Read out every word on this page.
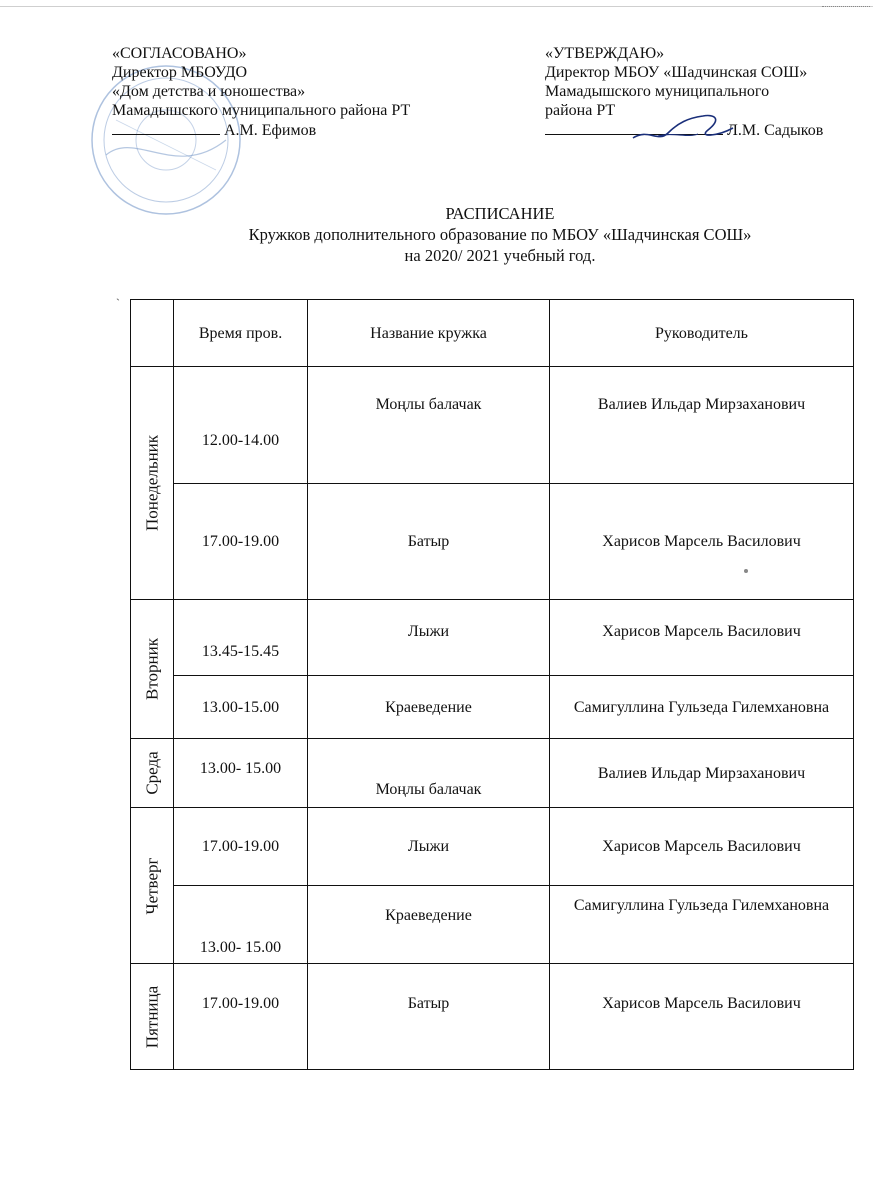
«СОГЛАСОВАНО»
Директор МБОУДО
«Дом детства и юношества»
Мамадышского муниципального района РТ
А.М. Ефимов
«УТВЕРЖДАЮ»
Директор МБОУ «Шадчинская СОШ»
Мамадышского муниципального
района РТ
Л.М. Садыков
РАСПИСАНИЕ
Кружков дополнительного образование по МБОУ «Шадчинская СОШ»
на 2020/ 2021 учебный год.
`
	Время пров.	Название кружка	Руководитель

Понедельник	12.00-14.00	Моңлы балачак	Валиев Ильдар Мирзаханович
	17.00-19.00	Батыр	Харисов Марсель Василович

Вторник	13.45-15.45	Лыжи	Харисов Марсель Василович
	13.00-15.00	Краеведение	Самигуллина Гульзеда Гилемхановна

Среда	13.00- 15.00	Моңлы балачак	Валиев Ильдар Мирзаханович

Четверг	17.00-19.00	Лыжи	Харисов Марсель Василович
	13.00- 15.00	Краеведение	Самигуллина Гульзеда Гилемхановна

Пятница	17.00-19.00	Батыр	Харисов Марсель Василович
